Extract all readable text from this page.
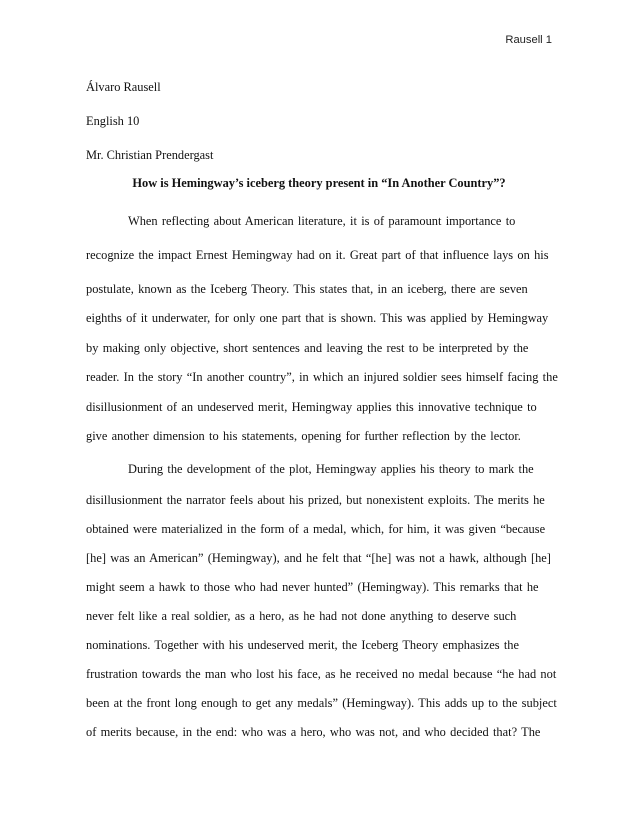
Rausell 1
Álvaro Rausell
English 10
Mr. Christian Prendergast
How is Hemingway’s iceberg theory present in “In Another Country”?
When reflecting about American literature, it is of paramount importance to
recognize the impact Ernest Hemingway had on it. Great part of that influence lays on his
postulate, known as the Iceberg Theory. This states that, in an iceberg, there are seven
eighths of it underwater, for only one part that is shown. This was applied by Hemingway
by making only objective, short sentences and leaving the rest to be interpreted by the
reader. In the story “In another country”, in which an injured soldier sees himself facing the
disillusionment of an undeserved merit, Hemingway applies this innovative technique to
give another dimension to his statements, opening for further reflection by the lector.
During the development of the plot, Hemingway applies his theory to mark the
disillusionment the narrator feels about his prized, but nonexistent exploits. The merits he
obtained were materialized in the form of a medal, which, for him, it was given “because
[he] was an American” (Hemingway), and he felt that “[he] was not a hawk, although [he]
might seem a hawk to those who had never hunted” (Hemingway). This remarks that he
never felt like a real soldier, as a hero, as he had not done anything to deserve such
nominations. Together with his undeserved merit, the Iceberg Theory emphasizes the
frustration towards the man who lost his face, as he received no medal because “he had not
been at the front long enough to get any medals” (Hemingway). This adds up to the subject
of merits because, in the end: who was a hero, who was not, and who decided that? The
